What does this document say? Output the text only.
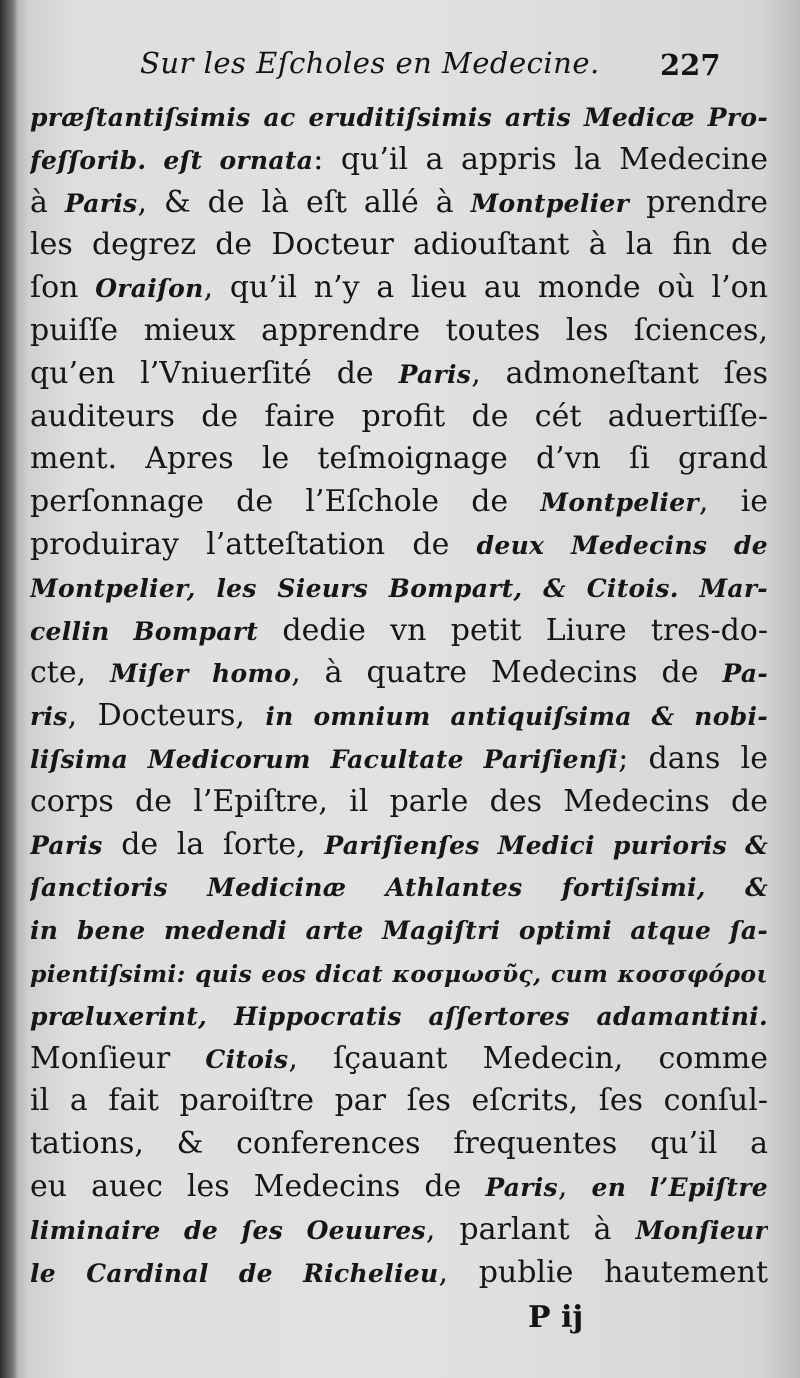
Sur les Eſcholes en Medecine. 227
præſtantiſsimis ac eruditiſsimis artis Medicæ Pro-
feſſorib. eſt ornata: qu’il a appris la Medecine
à Paris, & de là eſt allé à Montpelier prendre
les degrez de Docteur adiouſtant à la fin de
ſon Oraiſon, qu’il n’y a lieu au monde où l’on
puiſſe mieux apprendre toutes les ſciences,
qu’en l’Vniuerſité de Paris, admoneſtant ſes
auditeurs de faire profit de cét aduertiſſe-
ment. Apres le teſmoignage d’vn ſi grand
perſonnage de l’Eſchole de Montpelier, ie
produiray l’atteſtation de deux Medecins de
Montpelier, les Sieurs Bompart, & Citois. Mar-
cellin Bompart dedie vn petit Liure tres-do-
cte, Miſer homo, à quatre Medecins de Pa-
ris, Docteurs, in omnium antiquiſsima & nobi-
liſsima Medicorum Facultate Pariſienſi; dans le
corps de l’Epiſtre, il parle des Medecins de
Paris de la ſorte, Pariſienſes Medici purioris &
ſanctioris Medicinæ Athlantes fortiſsimi, &
in bene medendi arte Magiſtri optimi atque ſa-
pientiſsimi: quis eos dicat κοσμωσῦς, cum κοσσφόροι
præluxerint, Hippocratis aſſertores adamantini.
Monſieur Citois, ſçauant Medecin, comme
il a fait paroiſtre par ſes eſcrits, ſes conſul-
tations, & conferences frequentes qu’il a
eu auec les Medecins de Paris, en l’Epiſtre
liminaire de ſes Oeuures, parlant à Monſieur
le Cardinal de Richelieu, publie hautement
P ij
